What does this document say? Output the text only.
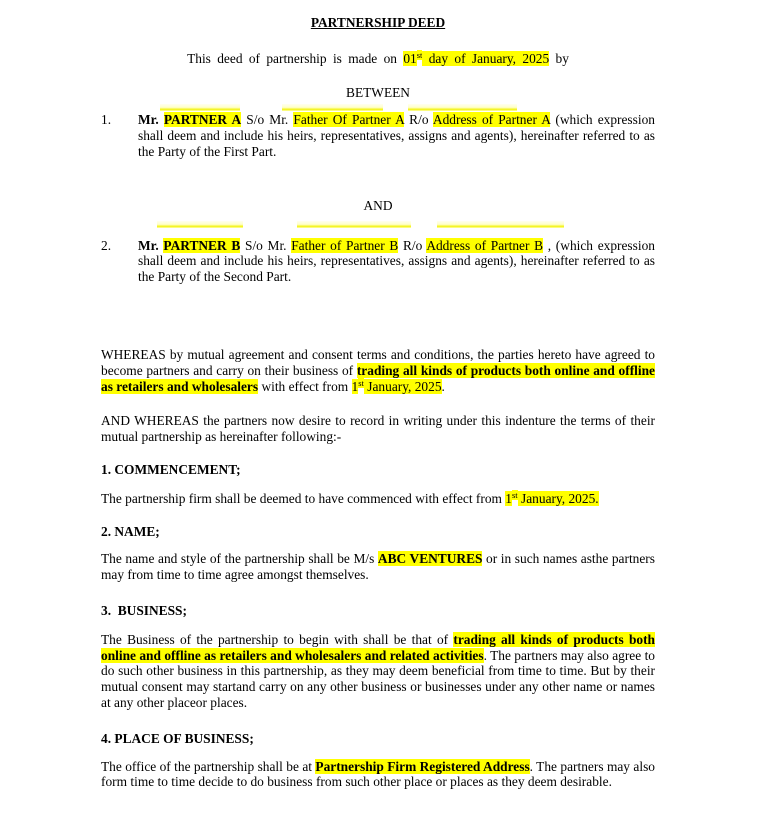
PARTNERSHIP DEED

This deed of partnership is made on 01st day of January, 2025 by

BETWEEN

1.	Mr. PARTNER A S/o Mr. Father Of Partner A R/o Address of Partner A (which expression shall deem and include his heirs, representatives, assigns and agents), hereinafter referred to as the Party of the First Part.

AND

2.	Mr. PARTNER B S/o Mr. Father of Partner B R/o Address of Partner B , (which expression shall deem and include his heirs, representatives, assigns and agents), hereinafter referred to as the Party of the Second Part.

WHEREAS by mutual agreement and consent terms and conditions, the parties hereto have agreed to become partners and carry on their business of trading all kinds of products both online and offline as retailers and wholesalers with effect from 1st January, 2025.

AND WHEREAS the partners now desire to record in writing under this indenture the terms of their mutual partnership as hereinafter following:-

1. COMMENCEMENT;

The partnership firm shall be deemed to have commenced with effect from 1st January, 2025.

2. NAME;

The name and style of the partnership shall be M/s ABC VENTURES or in such names asthe partners may from time to time agree amongst themselves.

3.  BUSINESS;

The Business of the partnership to begin with shall be that of trading all kinds of products both online and offline as retailers and wholesalers and related activities. The partners may also agree to do such other business in this partnership, as they may deem beneficial from time to time. But by their mutual consent may startand carry on any other business or businesses under any other name or names at any other placeor places.

4. PLACE OF BUSINESS;

The office of the partnership shall be at Partnership Firm Registered Address. The partners may also form time to time decide to do business from such other place or places as they deem desirable.
